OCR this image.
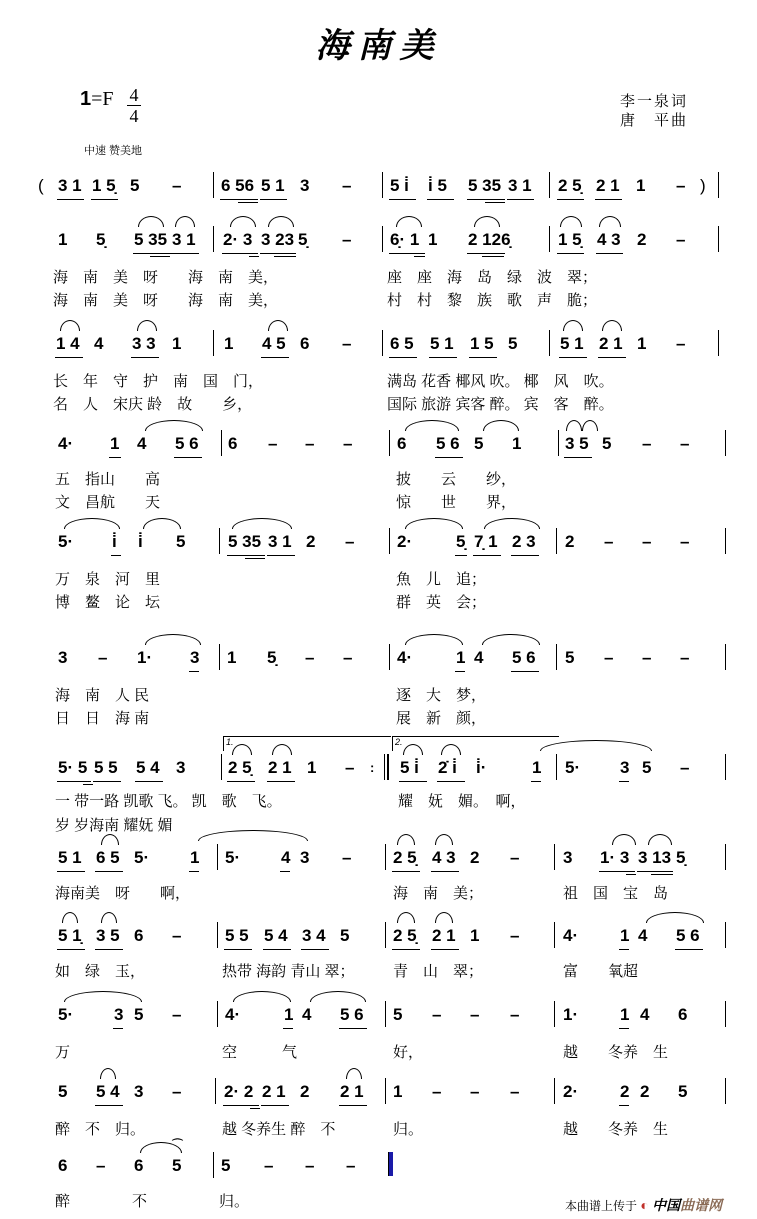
海南美
1=F 4
4
李一泉词
唐　平曲
中速 赞美地
( 3 1 1 5̣ 5 – 6 56 5 1 3 – 5 i̇ i̇ 5 5 35 3 1 2 5̣ 2 1 1 – )
1 5̣ 5 35 3 1 2· 3 3 23 5̣ – 6̣· 1 1 2 126̣	1 5̣ 4 3 2 –
海　南　美　呀　　海　南　美，	座　座　海　岛　绿　波　翠；
海　南　美　呀　　海　南　美，	村　村　黎　族　歌　声　脆；
1 4 4 3 3 1	1 4 5 6 – 6 5 5 1 1 5 5	5 1 2 1 1 –
长　年　守　护　南　国　门，	满岛 花香 椰风 吹。 椰　风　吹。
名　人　宋庆 龄　故　　乡，	国际 旅游 宾客 醉。 宾　客　醉。
4· 1 4 5 6 6 – – –	6 5 6 5 1	3 5 5 – –
五　指山　　高	披　　云　　纱，
文　昌航　　天	惊　　世　　界，
5· i̇ i̇ 5	5 35 3 1 2 –	2·	5̣ 7̣ 1 2 3 2 – – –
万　泉　河　里	魚　儿　追；
博　鳌　论　坛	群　英　会；
3 – 1· 3 1 5̣ – –	4·	1 4 5 6 5 – – –
海　南　人 民	逐　大　梦，
日　日　海 南	展　新　颜，
1.	2.
5· 5 5 5 5 4 3	2 5̣ 2 1 1 – : 5 i̇ 2̇ i̇ i̇·	1 5· 3 5 –
一 带一路 凯歌 飞。 凯　歌　飞。	耀　妩　媚。　啊，
岁 岁海南 耀妩 媚
5 1 6 5 5· 1 5· 4 3 – 2 5̣ 4 3 2 –	3 1· 3 3 13 5̣
海南美　呀　　啊，	海　南　美；	祖　国　宝　岛
5 1̣ 3 5 6 –	5 5 5 4 3 4 5	2 5̣ 2 1 1 –	4· 1 4 5 6
如　绿　玉，	热带 海韵 青山 翠；	青　山　翠；	富　　氧超
5· 3 5 –	4·	1 4 5 6 5 – – –	1· 1 4 6
万	空　　　气	好，	越　　冬养　生
5 5 4 3 –	2· 2 2 1 2 2 1 1 – – –	2· 2 2 5
醉　不　归。	越 冬养生 醉　不	归。	越　　冬养　生
6 –
⌒
6 5 5 – – –
醉	不	归。	本曲谱上传于 ◐ 中国曲谱网
